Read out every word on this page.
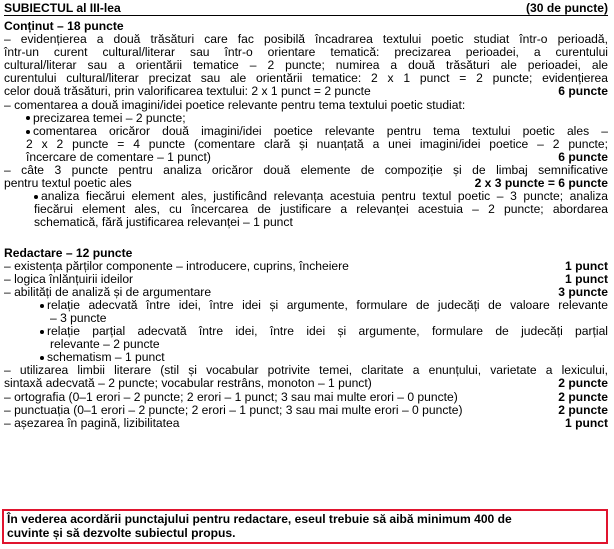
SUBIECTUL al III-lea	(30 de puncte)
Conținut – 18 puncte
– evidențierea a două trăsături care fac posibilă încadrarea textului poetic studiat într-o perioadă,
într-un curent cultural/literar sau într-o orientare tematică: precizarea perioadei, a curentului
cultural/literar sau a orientării tematice – 2 puncte; numirea a două trăsături ale perioadei, ale
curentului cultural/literar precizat sau ale orientării tematice: 2 x 1 punct = 2 puncte; evidențierea
celor două trăsături, prin valorificarea textului: 2 x 1 punct = 2 puncte	6 puncte
– comentarea a două imagini/idei poetice relevante pentru tema textului poetic studiat:
precizarea temei – 2 puncte;
comentarea oricăror două imagini/idei poetice relevante pentru tema textului poetic ales –
2 x 2 puncte = 4 puncte (comentare clară și nuanțată a unei imagini/idei poetice – 2 puncte;
încercare de comentare – 1 punct)	6 puncte
– câte 3 puncte pentru analiza oricăror două elemente de compoziție și de limbaj semnificative
pentru textul poetic ales	2 x 3 puncte = 6 puncte
analiza fiecărui element ales, justificând relevanța acestuia pentru textul poetic – 3 puncte; analiza
fiecărui element ales, cu încercarea de justificare a relevanței acestuia – 2 puncte; abordarea
schematică, fără justificarea relevanței – 1 punct
Redactare – 12 puncte
– existența părților componente – introducere, cuprins, încheiere	1 punct
– logica înlănțuirii ideilor	1 punct
– abilități de analiză și de argumentare	3 puncte
relație adecvată între idei, între idei și argumente, formulare de judecăți de valoare relevante
– 3 puncte
relație parțial adecvată între idei, între idei și argumente, formulare de judecăți parțial
relevante – 2 puncte
schematism – 1 punct
– utilizarea limbii literare (stil și vocabular potrivite temei, claritate a enunțului, varietate a lexicului,
sintaxă adecvată – 2 puncte; vocabular restrâns, monoton – 1 punct)	2 puncte
– ortografia (0–1 erori – 2 puncte; 2 erori – 1 punct; 3 sau mai multe erori – 0 puncte)	2 puncte
– punctuația (0–1 erori – 2 puncte; 2 erori – 1 punct; 3 sau mai multe erori – 0 puncte)	2 puncte
– așezarea în pagină, lizibilitatea	1 punct
În vederea acordării punctajului pentru redactare, eseul trebuie să aibă minimum 400 de
cuvinte și să dezvolte subiectul propus.
